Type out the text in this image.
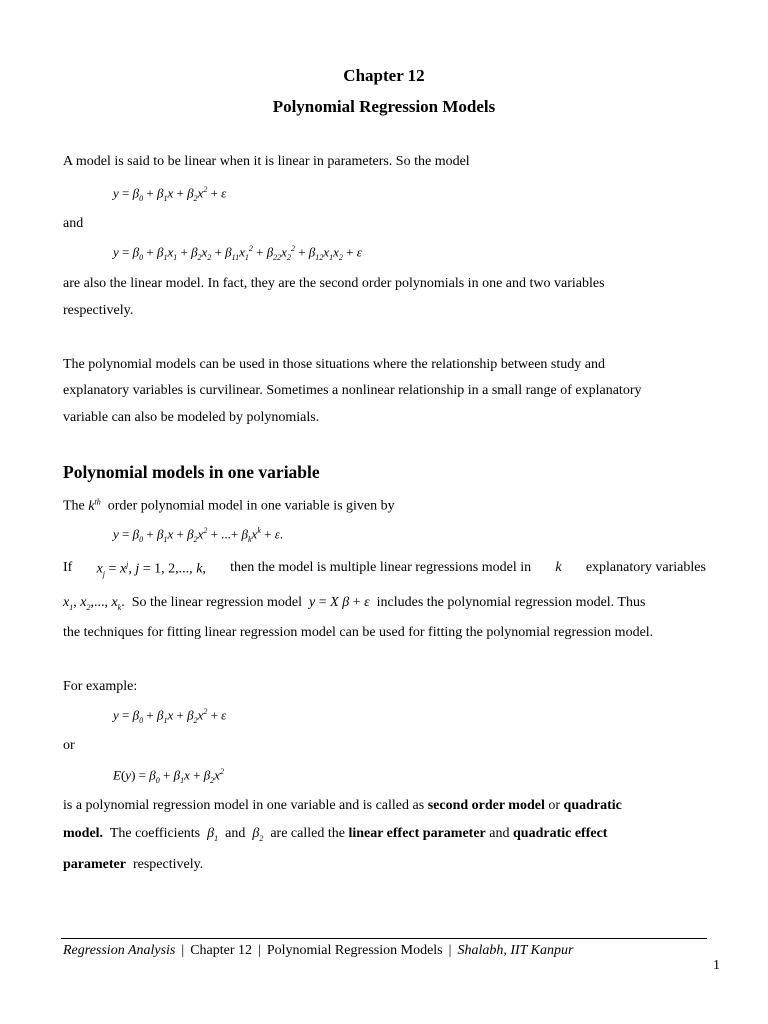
Chapter 12
Polynomial Regression Models
A model is said to be linear when it is linear in parameters. So the model
$y = \beta_0 + \beta_1x + \beta_2x^2 + \varepsilon$
and
$y = \beta_0 + \beta_1x_1 + \beta_2x_2 + \beta_{11}x_1^2 + \beta_{22}x_2^2 + \beta_{12}x_1x_2 + \varepsilon$
are also the linear model. In fact, they are the second order polynomials in one and two variables
respectively.
The polynomial models can be used in those situations where the relationship between study and
explanatory variables is curvilinear. Sometimes a nonlinear relationship in a small range of explanatory
variable can also be modeled by polynomials.
Polynomial models in one variable
The $k^{th}$ order polynomial model in one variable is given by
$y = \beta_0 + \beta_1x + \beta_2x^2$ + ...+ $\beta_kx^k + \varepsilon$.
If $x_j = x^j$, j = 1, 2,..., k, then the model is multiple linear regressions model in k explanatory variables
$x_1$, $x_2$,..., $x_k$. So the linear regression model y = X β + ε includes the polynomial regression model. Thus
the techniques for fitting linear regression model can be used for fitting the polynomial regression model.
For example:
$y = \beta_0 + \beta_1x + \beta_2x^2 + \varepsilon$
or
$E(y) = \beta_0 + \beta_1x + \beta_2x^2$
is a polynomial regression model in one variable and is called as second order model or quadratic
model. The coefficients $\beta_1$ and $\beta_2$ are called the linear effect parameter and quadratic effect
parameter respectively.
Regression Analysis | Chapter 12 | Polynomial Regression Models | Shalabh, IIT Kanpur
1
